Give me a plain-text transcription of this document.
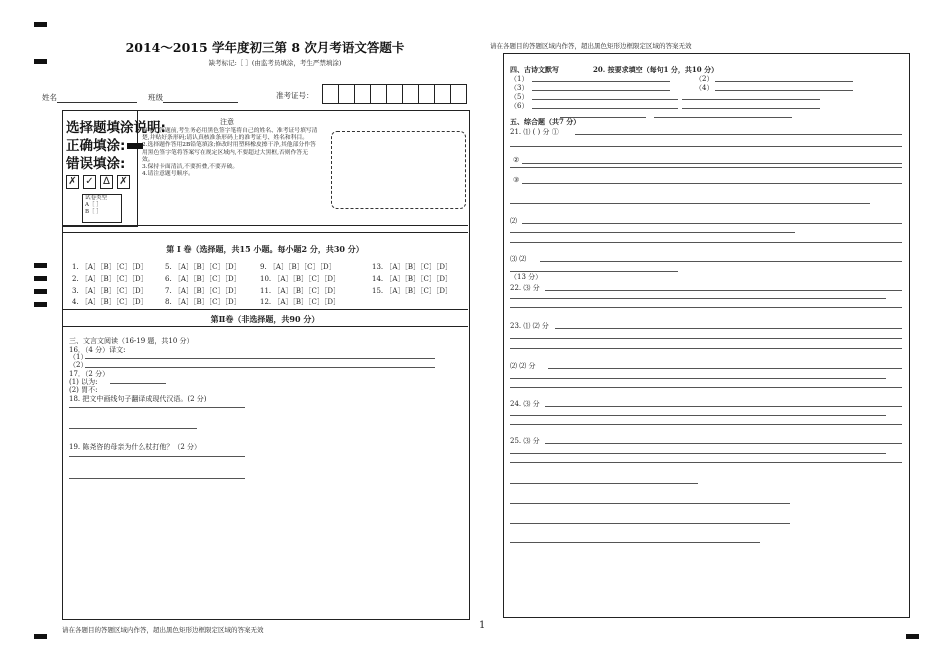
2014～2015 学年度初三第 8 次月考语文答题卡
缺考标记:［ ］(由监考员填涂，考生严禁填涂)
请在各题目的答题区域内作答，超出黑色矩形边框限定区域的答案无效
姓名	班级	准考证号：
选择题填涂说明:
正确填涂:
错误填涂:
✗ ✓ ∆ ✗
试卷类型
A［ ］
B［ ］
注意
事项1.答题前,考生务必用黑色签字笔将自己的姓名、准考证号填写清楚,并贴好条形码;请认真核准条形码上的准考证号、姓名和科目。
2.选择题作答用2B铅笔填涂;修改时用塑料橡皮擦干净,其他部分作答用黑色签字笔将答案写在规定区域内,不要超过大黑框,否则作答无效。
3.保持卡面清洁,不要折叠,不要弄破。
4.请注意题号顺序。
第 I 卷（选择题，共15 小题。每小题2 分，共30 分）
1. ［A］［B］［C］［D］
2. ［A］［B］［C］［D］
3. ［A］［B］［C］［D］
4. ［A］［B］［C］［D］
5. ［A］［B］［C］［D］
6. ［A］［B］［C］［D］
7. ［A］［B］［C］［D］
8. ［A］［B］［C］［D］
9. ［A］［B］［C］［D］
10. ［A］［B］［C］［D］
11. ［A］［B］［C］［D］
12. ［A］［B］［C］［D］
13. ［A］［B］［C］［D］
14. ［A］［B］［C］［D］
15. ［A］［B］［C］［D］
第Ⅱ卷（非选择题，共90 分）
三、文言文阅读（16-19 题，共10 分）
16．（4 分）译文:
（1）
（2）
17．（2 分）
(1) 以为:
(2) 胃不:
18. 把文中画线句子翻译成现代汉语。(2 分)
19. 陈尧咨的母亲为什么杖打他？（2 分）
四、古诗文默写	20. 按要求填空（每句1 分，共10 分）
（1）	（2）
（3）	（4）
（5）
（6）
五、综合题（共7 分）
21. ⑴ ( ) 分 ①
②
③
⑵
⑶ ⑵
（13 分）
22. ⑶ 分
23. ⑴ ⑵ 分
⑵ ⑵ 分
24. ⑶ 分
25. ⑶ 分
请在各题目的答题区域内作答，超出黑色矩形边框限定区域的答案无效	1
